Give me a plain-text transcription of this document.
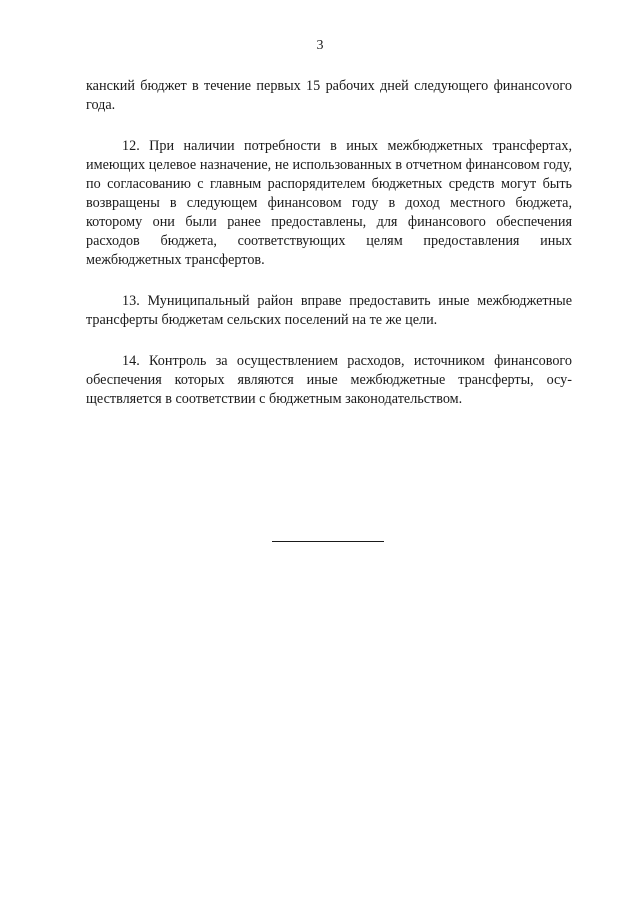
3

канский бюджет в течение первых 15 рабочих дней следующего финансоvого года.

12. При наличии потребности в иных межбюджетных трансфертах, имеющих целевое назначение, не использованных в отчетном финансовом году, по согласованию с главным распорядителем бюджетных средств могут быть возвращены в следующем финансовом году в доход местного бюджета, которому они были ранее предоставлены, для финансового обеспечения расходов бюджета, соответствующих целям предоставления иных межбюджетных трансфертов.

13. Муниципальный район вправе предоставить иные межбюджетные трансферты бюджетам сельских поселений на те же цели.

14. Контроль за осуществлением расходов, источником финансового обеспечения которых являются иные межбюджетные трансферты, осуществляется в соответствии с бюджетным законодательством.
